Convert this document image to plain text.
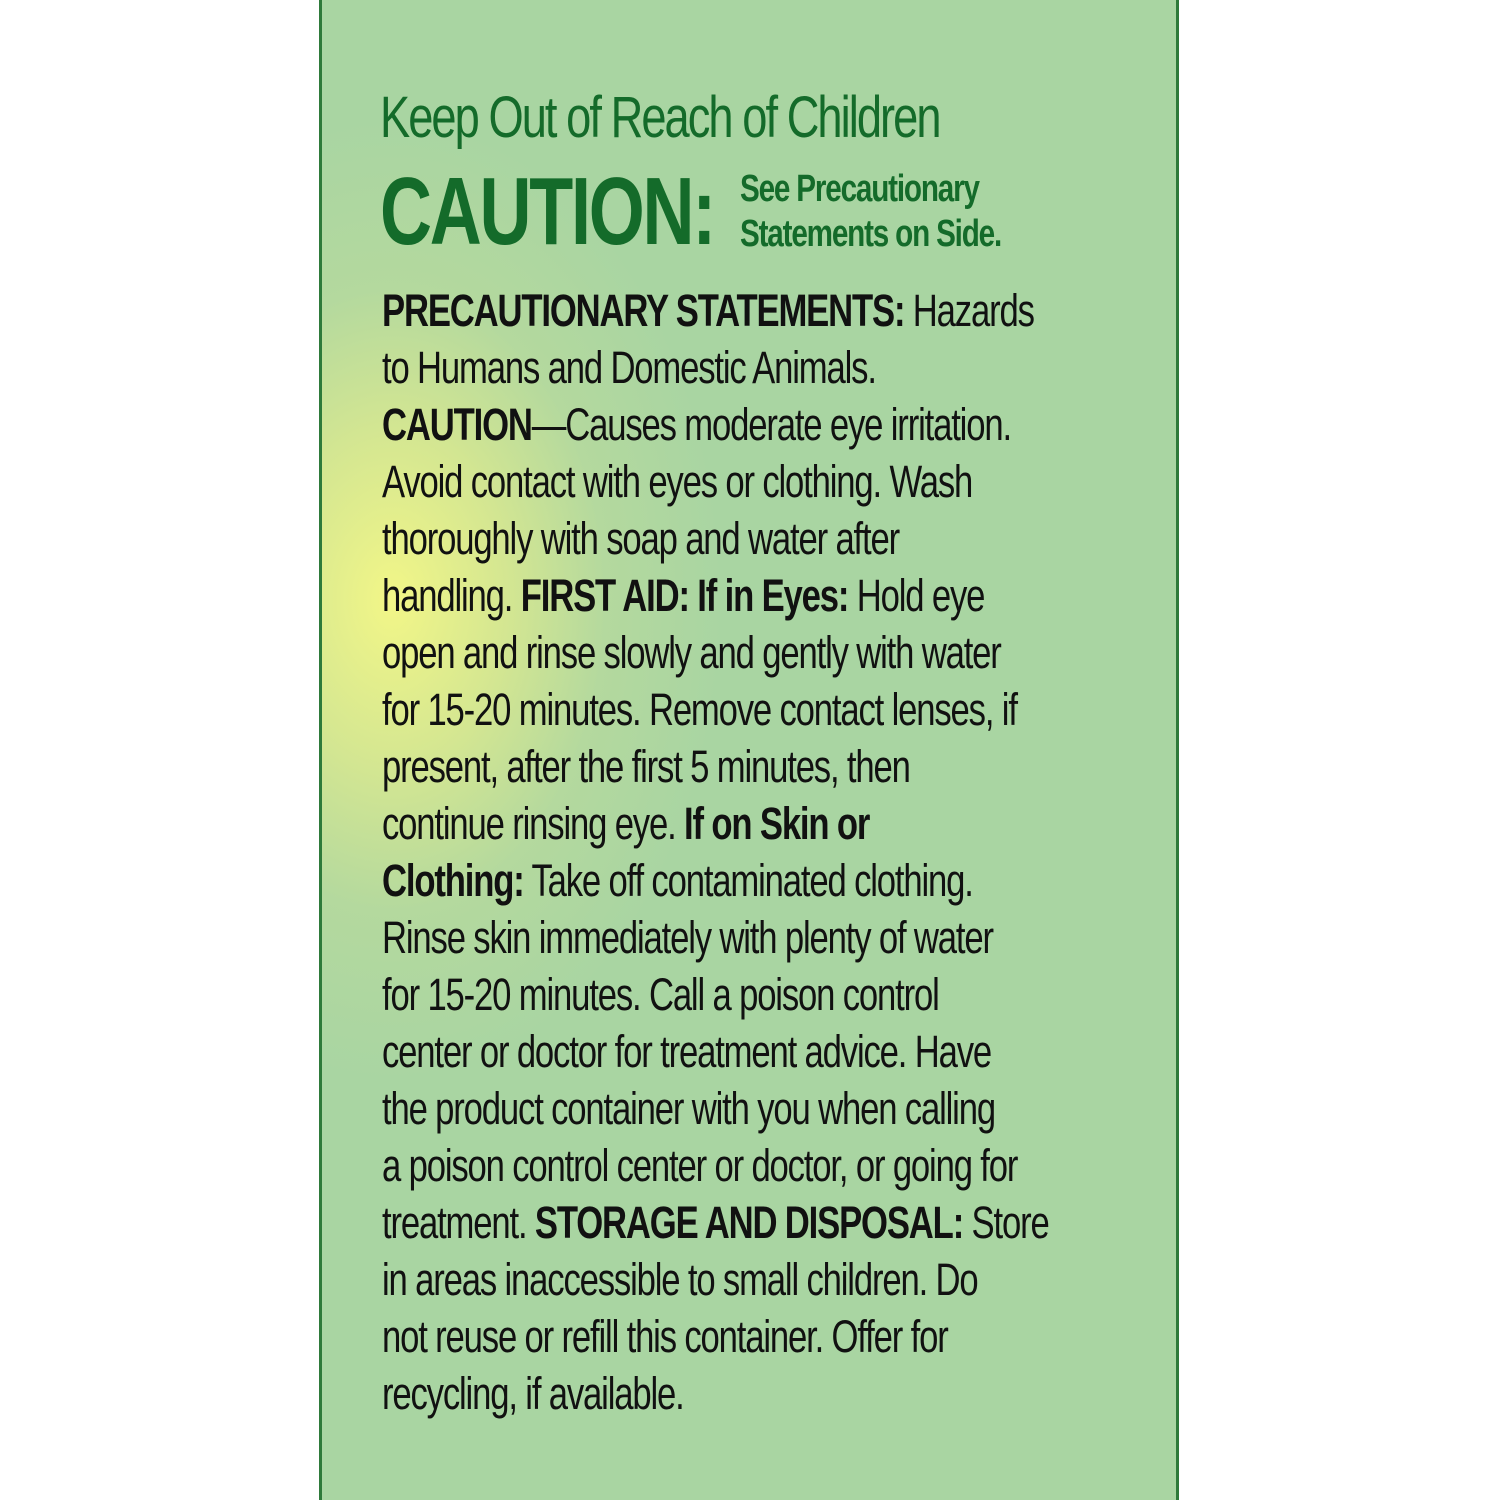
Keep Out of Reach of Children
CAUTION: See Precautionary
Statements on Side.
PRECAUTIONARY STATEMENTS: Hazards
to Humans and Domestic Animals.
CAUTION—Causes moderate eye irritation.
Avoid contact with eyes or clothing. Wash
thoroughly with soap and water after
handling. FIRST AID: If in Eyes: Hold eye
open and rinse slowly and gently with water
for 15-20 minutes. Remove contact lenses, if
present, after the first 5 minutes, then
continue rinsing eye. If on Skin or
Clothing: Take off contaminated clothing.
Rinse skin immediately with plenty of water
for 15-20 minutes. Call a poison control
center or doctor for treatment advice. Have
the product container with you when calling
a poison control center or doctor, or going for
treatment. STORAGE AND DISPOSAL: Store
in areas inaccessible to small children. Do
not reuse or refill this container. Offer for
recycling, if available.
